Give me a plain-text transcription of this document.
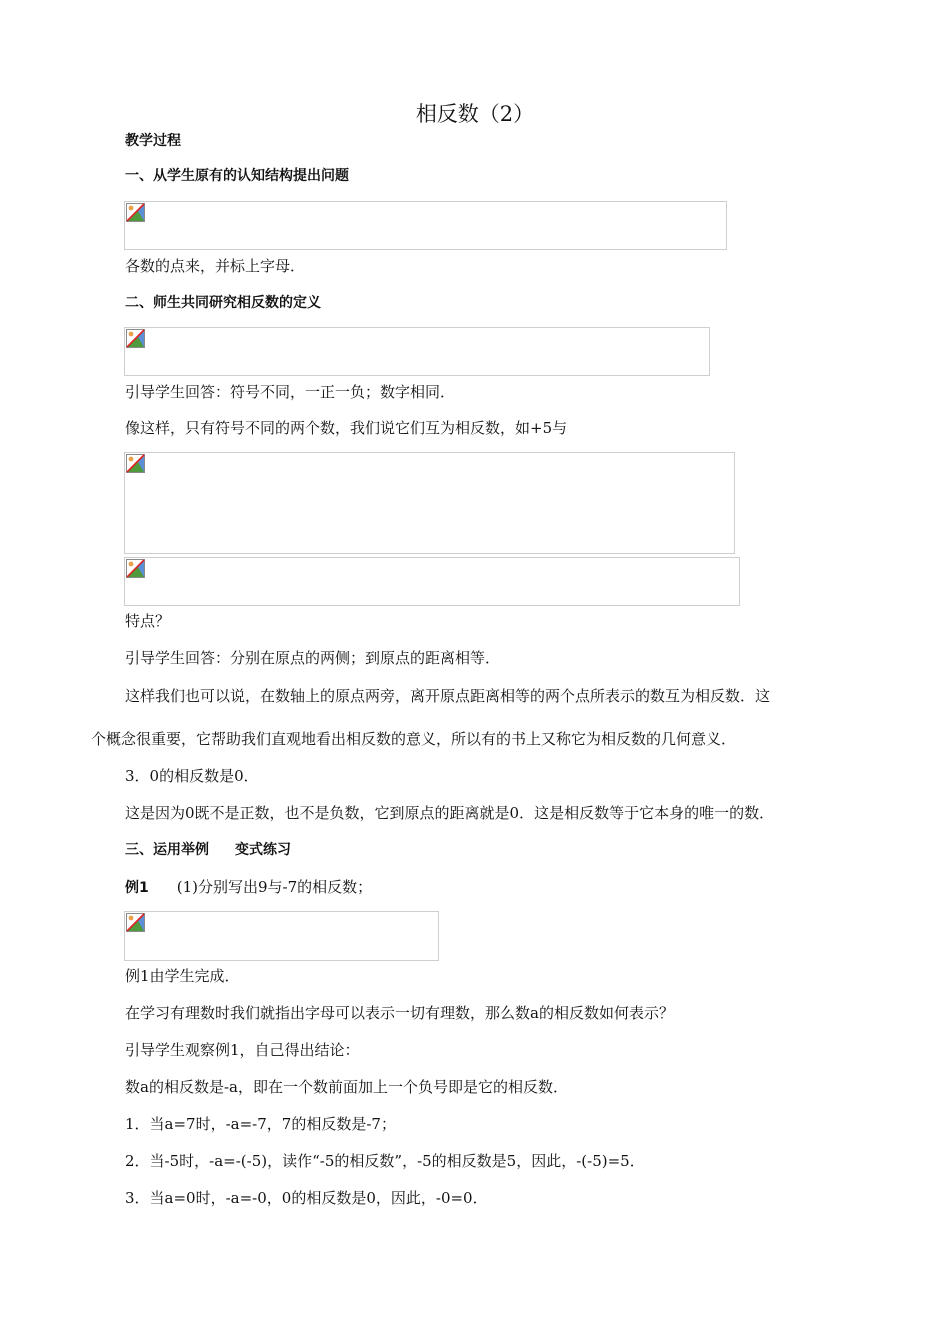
相反数（2）
教学过程
一、从学生原有的认知结构提出问题
各数的点来，并标上字母．
二、师生共同研究相反数的定义
引导学生回答：符号不同，一正一负；数字相同．
像这样，只有符号不同的两个数，我们说它们互为相反数，如+5与
特点？
引导学生回答：分别在原点的两侧；到原点的距离相等．
这样我们也可以说，在数轴上的原点两旁，离开原点距离相等的两个点所表示的数互为相反数．这
个概念很重要，它帮助我们直观地看出相反数的意义，所以有的书上又称它为相反数的几何意义．
3．0的相反数是0．
这是因为0既不是正数，也不是负数，它到原点的距离就是0．这是相反数等于它本身的唯一的数．
三、运用举例 变式练习
例1 (1)分别写出9与-7的相反数；
例1由学生完成．
在学习有理数时我们就指出字母可以表示一切有理数，那么数a的相反数如何表示？
引导学生观察例1，自己得出结论：
数a的相反数是-a，即在一个数前面加上一个负号即是它的相反数．
1．当a=7时，-a=-7，7的相反数是-7；
2．当-5时，-a=-(-5)，读作“-5的相反数”，-5的相反数是5，因此，-(-5)=5．
3．当a=0时，-a=-0，0的相反数是0，因此，-0=0．
